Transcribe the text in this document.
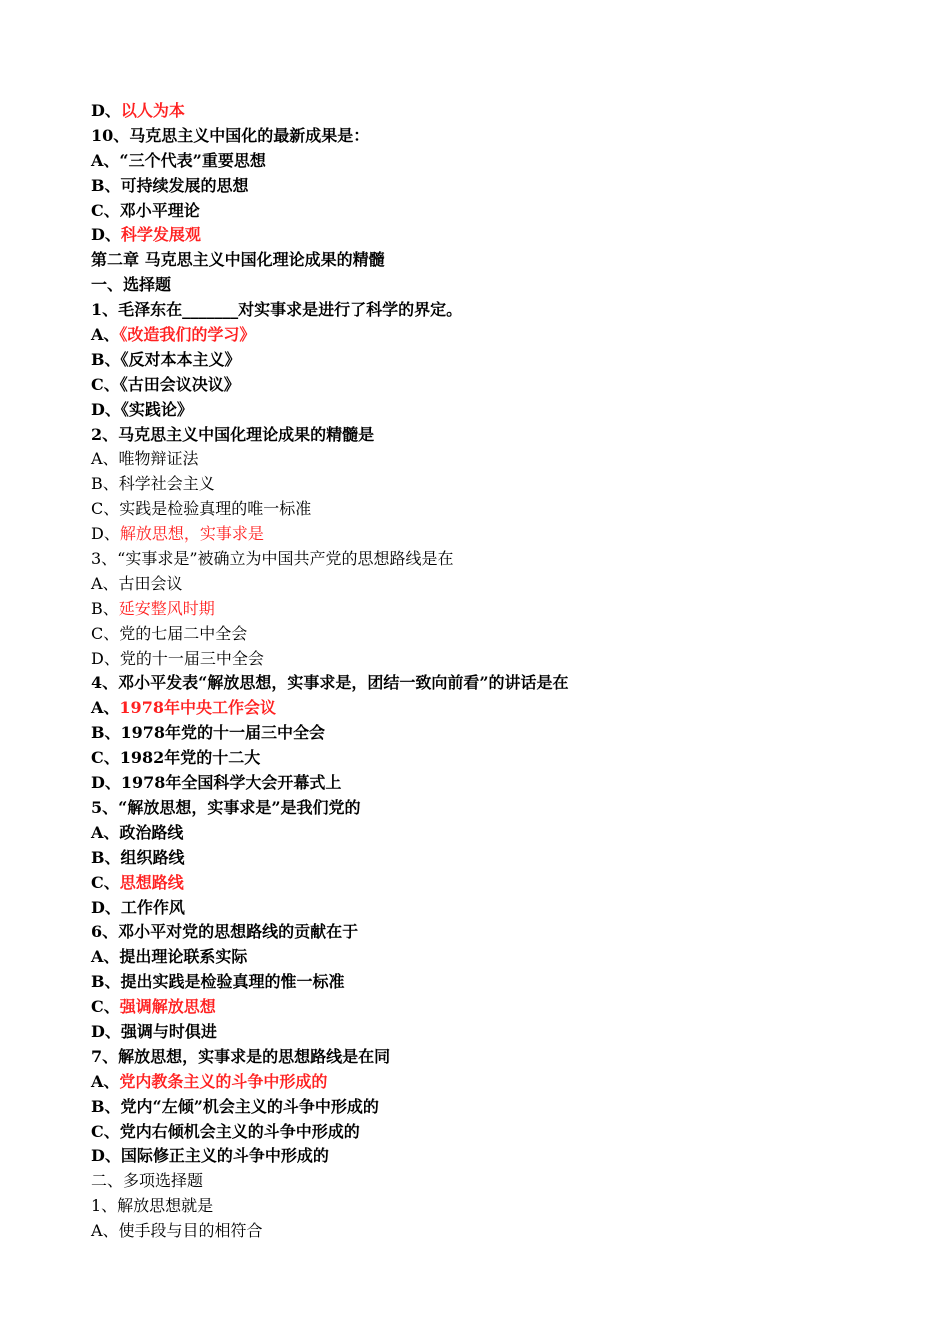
D、以人为本
10、马克思主义中国化的最新成果是：
A、“三个代表”重要思想
B、可持续发展的思想
C、邓小平理论
D、科学发展观
第二章 马克思主义中国化理论成果的精髓
一、选择题
1、毛泽东在_______对实事求是进行了科学的界定。
A、《改造我们的学习》
B、《反对本本主义》
C、《古田会议决议》
D、《实践论》
2、马克思主义中国化理论成果的精髓是
A、唯物辩证法
B、科学社会主义
C、实践是检验真理的唯一标准
D、解放思想，实事求是
3、“实事求是”被确立为中国共产党的思想路线是在
A、古田会议
B、延安整风时期
C、党的七届二中全会
D、党的十一届三中全会
4、邓小平发表“解放思想，实事求是，团结一致向前看”的讲话是在
A、1978年中央工作会议
B、1978年党的十一届三中全会
C、1982年党的十二大
D、1978年全国科学大会开幕式上
5、“解放思想，实事求是”是我们党的
A、政治路线
B、组织路线
C、思想路线
D、工作作风
6、邓小平对党的思想路线的贡献在于
A、提出理论联系实际
B、提出实践是检验真理的惟一标准
C、强调解放思想
D、强调与时俱进
7、解放思想，实事求是的思想路线是在同
A、党内教条主义的斗争中形成的
B、党内“左倾”机会主义的斗争中形成的
C、党内右倾机会主义的斗争中形成的
D、国际修正主义的斗争中形成的
二、多项选择题
1、解放思想就是
A、使手段与目的相符合
